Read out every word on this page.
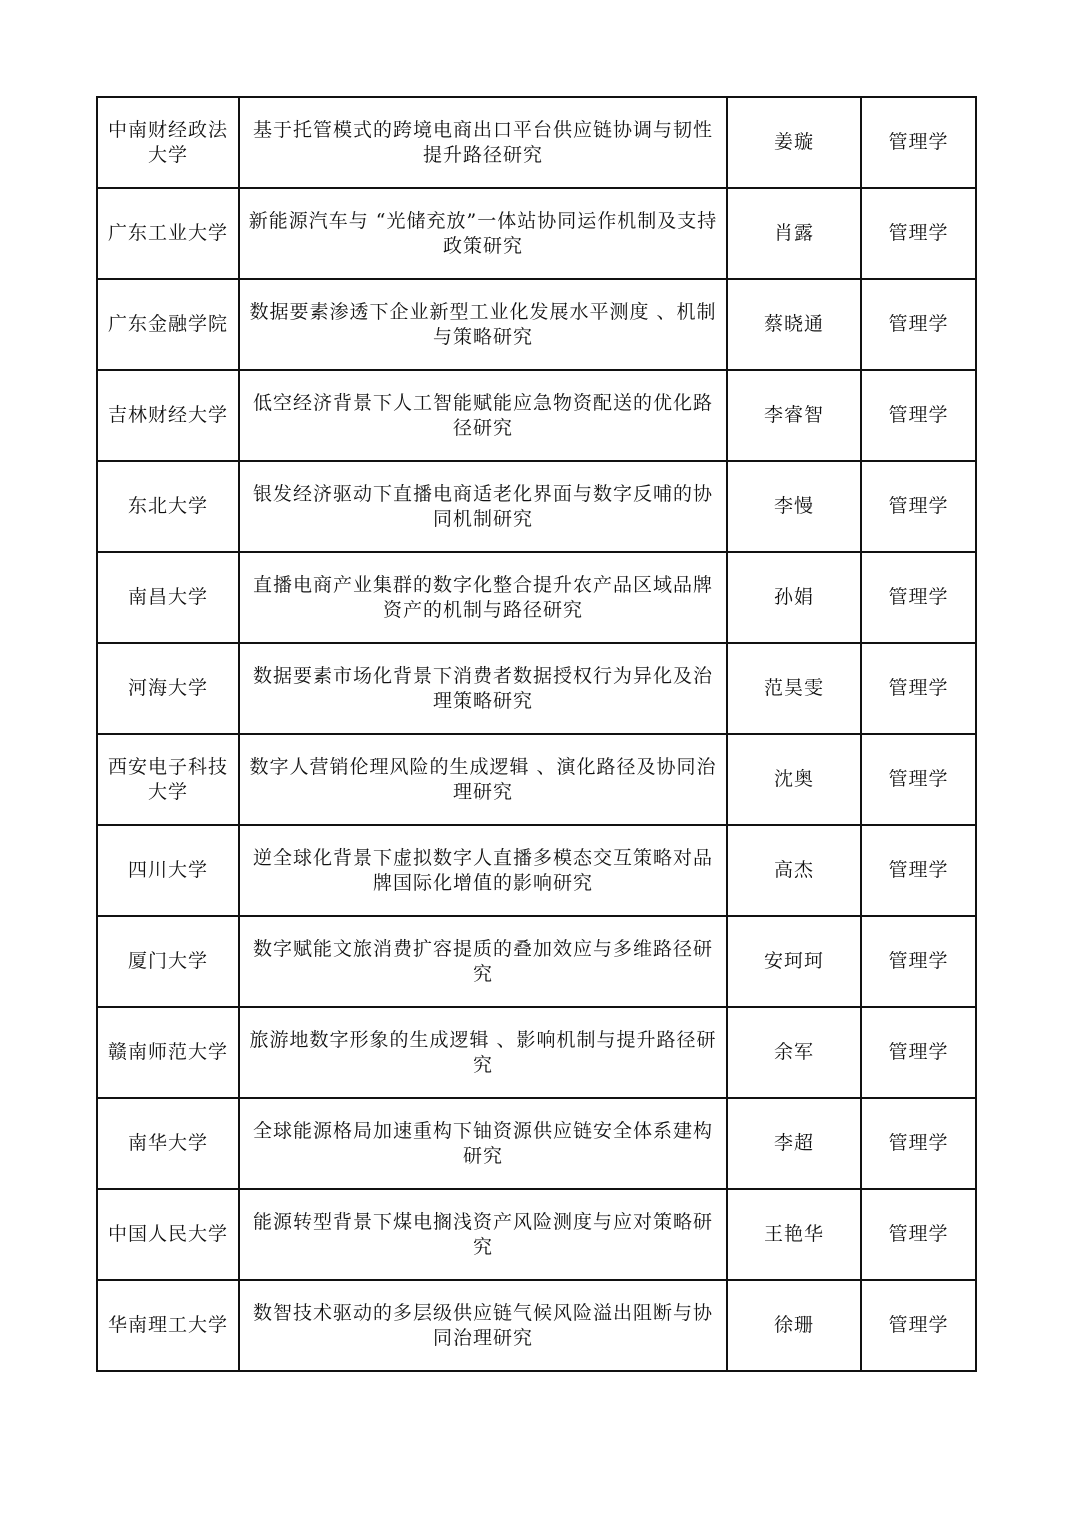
中南财经政法大学	基于托管模式的跨境电商出口平台供应链协调与韧性提升路径研究	姜璇	管理学
广东工业大学	新能源汽车与 “光储充放”一体站协同运作机制及支持政策研究	肖露	管理学
广东金融学院	数据要素渗透下企业新型工业化发展水平测度 、机制与策略研究	蔡晓通	管理学
吉林财经大学	低空经济背景下人工智能赋能应急物资配送的优化路径研究	李睿智	管理学
东北大学	银发经济驱动下直播电商适老化界面与数字反哺的协同机制研究	李慢	管理学
南昌大学	直播电商产业集群的数字化整合提升农产品区域品牌资产的机制与路径研究	孙娟	管理学
河海大学	数据要素市场化背景下消费者数据授权行为异化及治理策略研究	范昊雯	管理学
西安电子科技大学	数字人营销伦理风险的生成逻辑 、演化路径及协同治理研究	沈奥	管理学
四川大学	逆全球化背景下虚拟数字人直播多模态交互策略对品牌国际化增值的影响研究	高杰	管理学
厦门大学	数字赋能文旅消费扩容提质的叠加效应与多维路径研究	安珂珂	管理学
赣南师范大学	旅游地数字形象的生成逻辑 、影响机制与提升路径研究	余军	管理学
南华大学	全球能源格局加速重构下铀资源供应链安全体系建构研究	李超	管理学
中国人民大学	能源转型背景下煤电搁浅资产风险测度与应对策略研究	王艳华	管理学
华南理工大学	数智技术驱动的多层级供应链气候风险溢出阻断与协同治理研究	徐珊	管理学
